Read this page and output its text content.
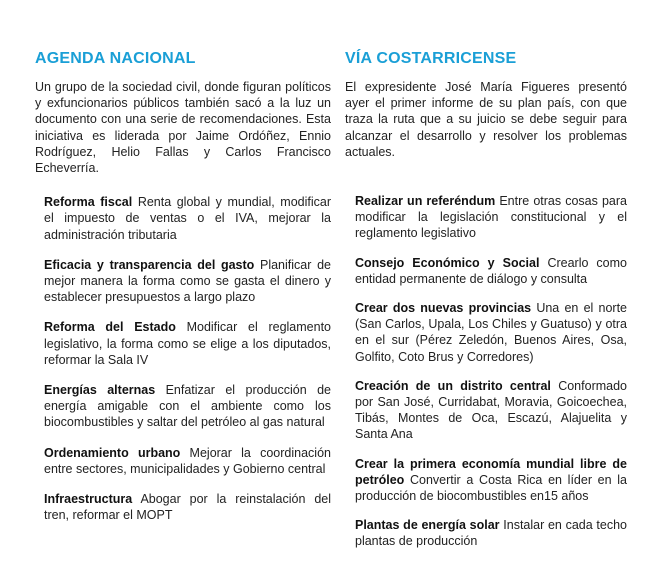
AGENDA NACIONAL

Un grupo de la sociedad civil, donde figuran políticos y exfuncionarios públicos también sacó a la luz un documento con una serie de recomendaciones. Esta iniciativa es liderada por Jaime Ordóñez, Ennio Rodríguez, Helio Fallas y Carlos Francisco Echeverría.

Reforma fiscal Renta global y mundial, modificar el impuesto de ventas o el IVA, mejorar la administración tributaria

Eficacia y transparencia del gasto Planificar de mejor manera la forma como se gasta el dinero y establecer presupuestos a largo plazo

Reforma del Estado Modificar el reglamento legislativo, la forma como se elige a los diputados, reformar la Sala IV

Energías alternas Enfatizar el producción de energía amigable con el ambiente como los biocombustibles y saltar del petróleo al gas natural

Ordenamiento urbano Mejorar la coordinación entre sectores, municipalidades y Gobierno central

Infraestructura Abogar por la reinstalación del tren, reformar el MOPT

VÍA COSTARRICENSE

El expresidente José María Figueres presentó ayer el primer informe de su plan país, con que traza la ruta que a su juicio se debe seguir para alcanzar el desarrollo y resolver los problemas actuales.

Realizar un referéndum Entre otras cosas para modificar la legislación constitucional y el reglamento legislativo

Consejo Económico y Social Crearlo como entidad permanente de diálogo y consulta

Crear dos nuevas provincias Una en el norte (San Carlos, Upala, Los Chiles y Guatuso) y otra en el sur (Pérez Zeledón, Buenos Aires, Osa, Golfito, Coto Brus y Corredores)

Creación de un distrito central Conformado por San José, Curridabat, Moravia, Goicoechea, Tibás, Montes de Oca, Escazú, Alajuelita y Santa Ana

Crear la primera economía mundial libre de petróleo Convertir a Costa Rica en líder en la producción de biocombustibles en15 años

Plantas de energía solar Instalar en cada techo plantas de producción
